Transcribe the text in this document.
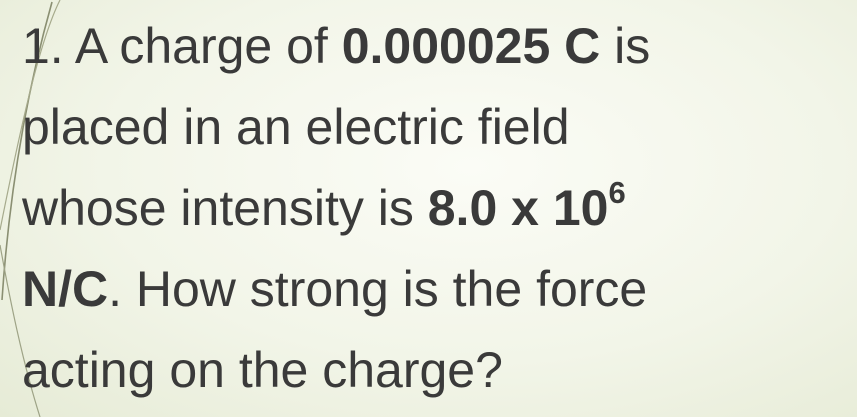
1. A charge of 0.000025 C is
placed in an electric field
whose intensity is 8.0 x $10^6$
N/C. How strong is the force
acting on the charge?
